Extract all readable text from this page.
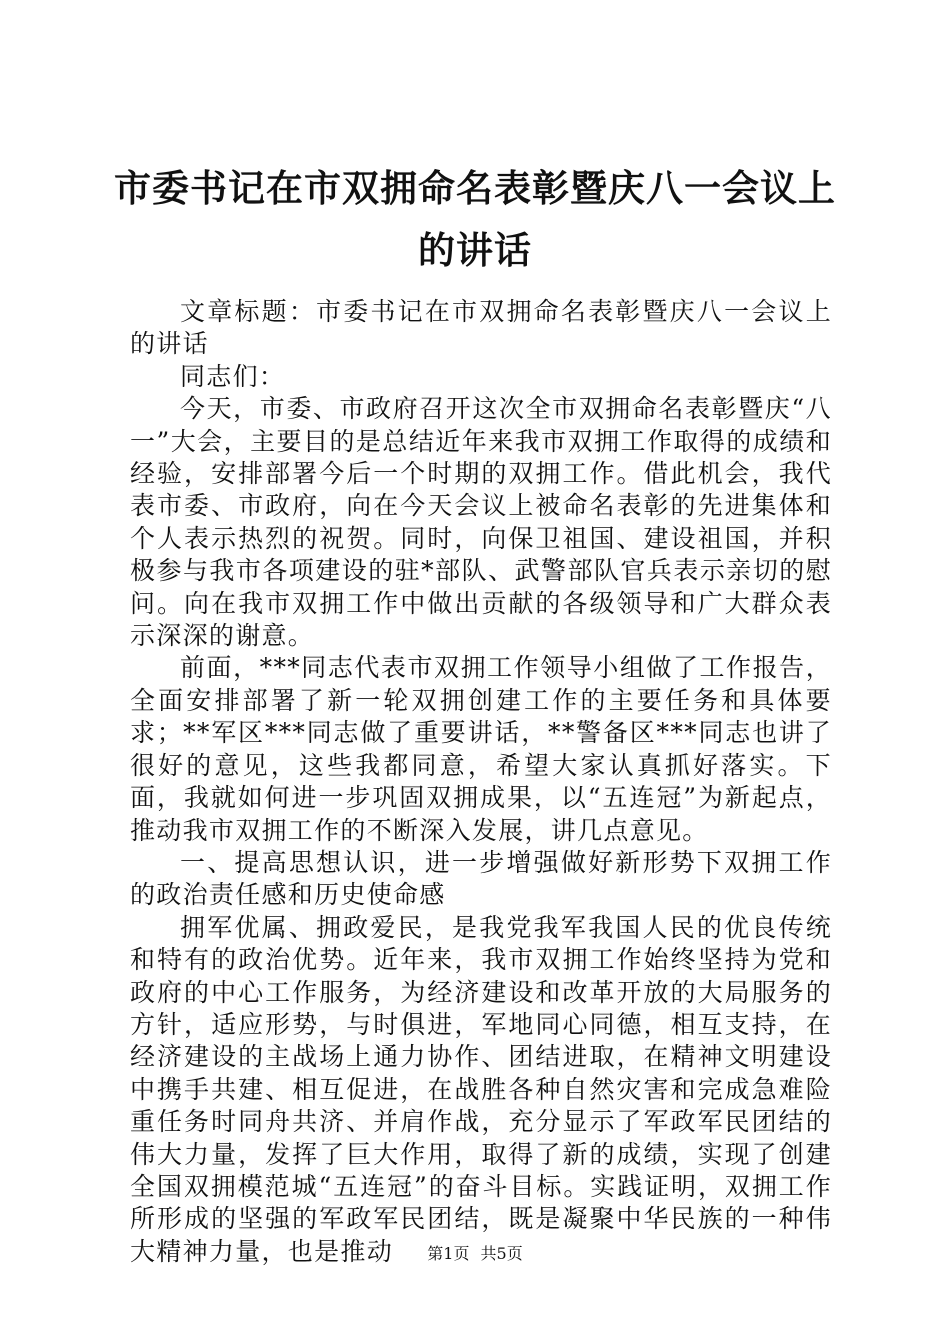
市委书记在市双拥命名表彰暨庆八一会议上的讲话

文章标题：市委书记在市双拥命名表彰暨庆八一会议上的讲话

同志们：

今天，市委、市政府召开这次全市双拥命名表彰暨庆“八一”大会，主要目的是总结近年来我市双拥工作取得的成绩和经验，安排部署今后一个时期的双拥工作。借此机会，我代表市委、市政府，向在今天会议上被命名表彰的先进集体和个人表示热烈的祝贺。同时，向保卫祖国、建设祖国，并积极参与我市各项建设的驻*部队、武警部队官兵表示亲切的慰问。向在我市双拥工作中做出贡献的各级领导和广大群众表示深深的谢意。

前面，***同志代表市双拥工作领导小组做了工作报告，全面安排部署了新一轮双拥创建工作的主要任务和具体要求；**军区***同志做了重要讲话，**警备区***同志也讲了很好的意见，这些我都同意，希望大家认真抓好落实。下面，我就如何进一步巩固双拥成果，以“五连冠”为新起点，推动我市双拥工作的不断深入发展，讲几点意见。

一、提高思想认识，进一步增强做好新形势下双拥工作的政治责任感和历史使命感

拥军优属、拥政爱民，是我党我军我国人民的优良传统和特有的政治优势。近年来，我市双拥工作始终坚持为党和政府的中心工作服务，为经济建设和改革开放的大局服务的方针，适应形势，与时俱进，军地同心同德，相互支持，在经济建设的主战场上通力协作、团结进取，在精神文明建设中携手共建、相互促进，在战胜各种自然灾害和完成急难险重任务时同舟共济、并肩作战，充分显示了军政军民团结的伟大力量，发挥了巨大作用，取得了新的成绩，实现了创建全国双拥模范城“五连冠”的奋斗目标。实践证明，双拥工作所形成的坚强的军政军民团结，既是凝聚中华民族的一种伟大精神力量，也是推动	第1页 共5页
